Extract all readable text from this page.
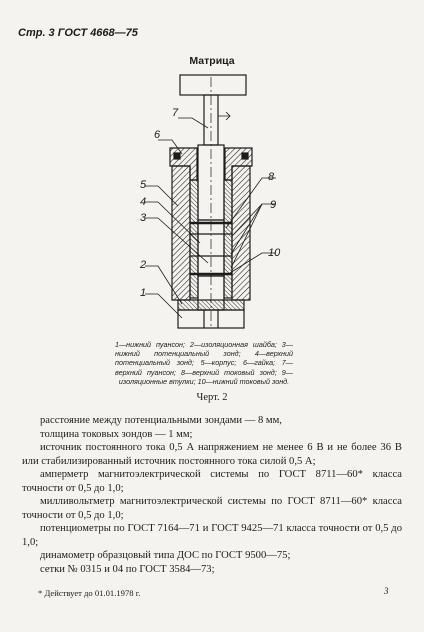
Стр. 3 ГОСТ 4668—75
Матрица
1
2
3
4
5
6
7
8
9
10

1—нижний пуансон; 2—изоляционная шайба; 3—нижний потенциальный зонд; 4—верхний потенциальный зонд; 5—корпус; 6—гайка; 7—верхний пуансон; 8—верхний токовый зонд; 9—изоляционные втулки; 10—нижний токовый зонд.

Черт. 2

расстояние между потенциальными зондами — 8 мм,

толщина токовых зондов — 1 мм;

источник постоянного тока 0,5 А напряжением не менее 6 В и не более 36 В или стабилизированный источник постоянного тока силой 0,5 А;

амперметр магнитоэлектрической системы по ГОСТ 8711—60* класса точности от 0,5 до 1,0;

милливольтметр магнитоэлектрической системы по ГОСТ 8711—60* класса точности от 0,5 до 1,0;

потенциометры по ГОСТ 7164—71 и ГОСТ 9425—71 класса точности от 0,5 до 1,0;

динамометр образцовый типа ДОС по ГОСТ 9500—75;

сетки № 0315 и 04 по ГОСТ 3584—73;

* Действует до 01.01.1978 г.	3
